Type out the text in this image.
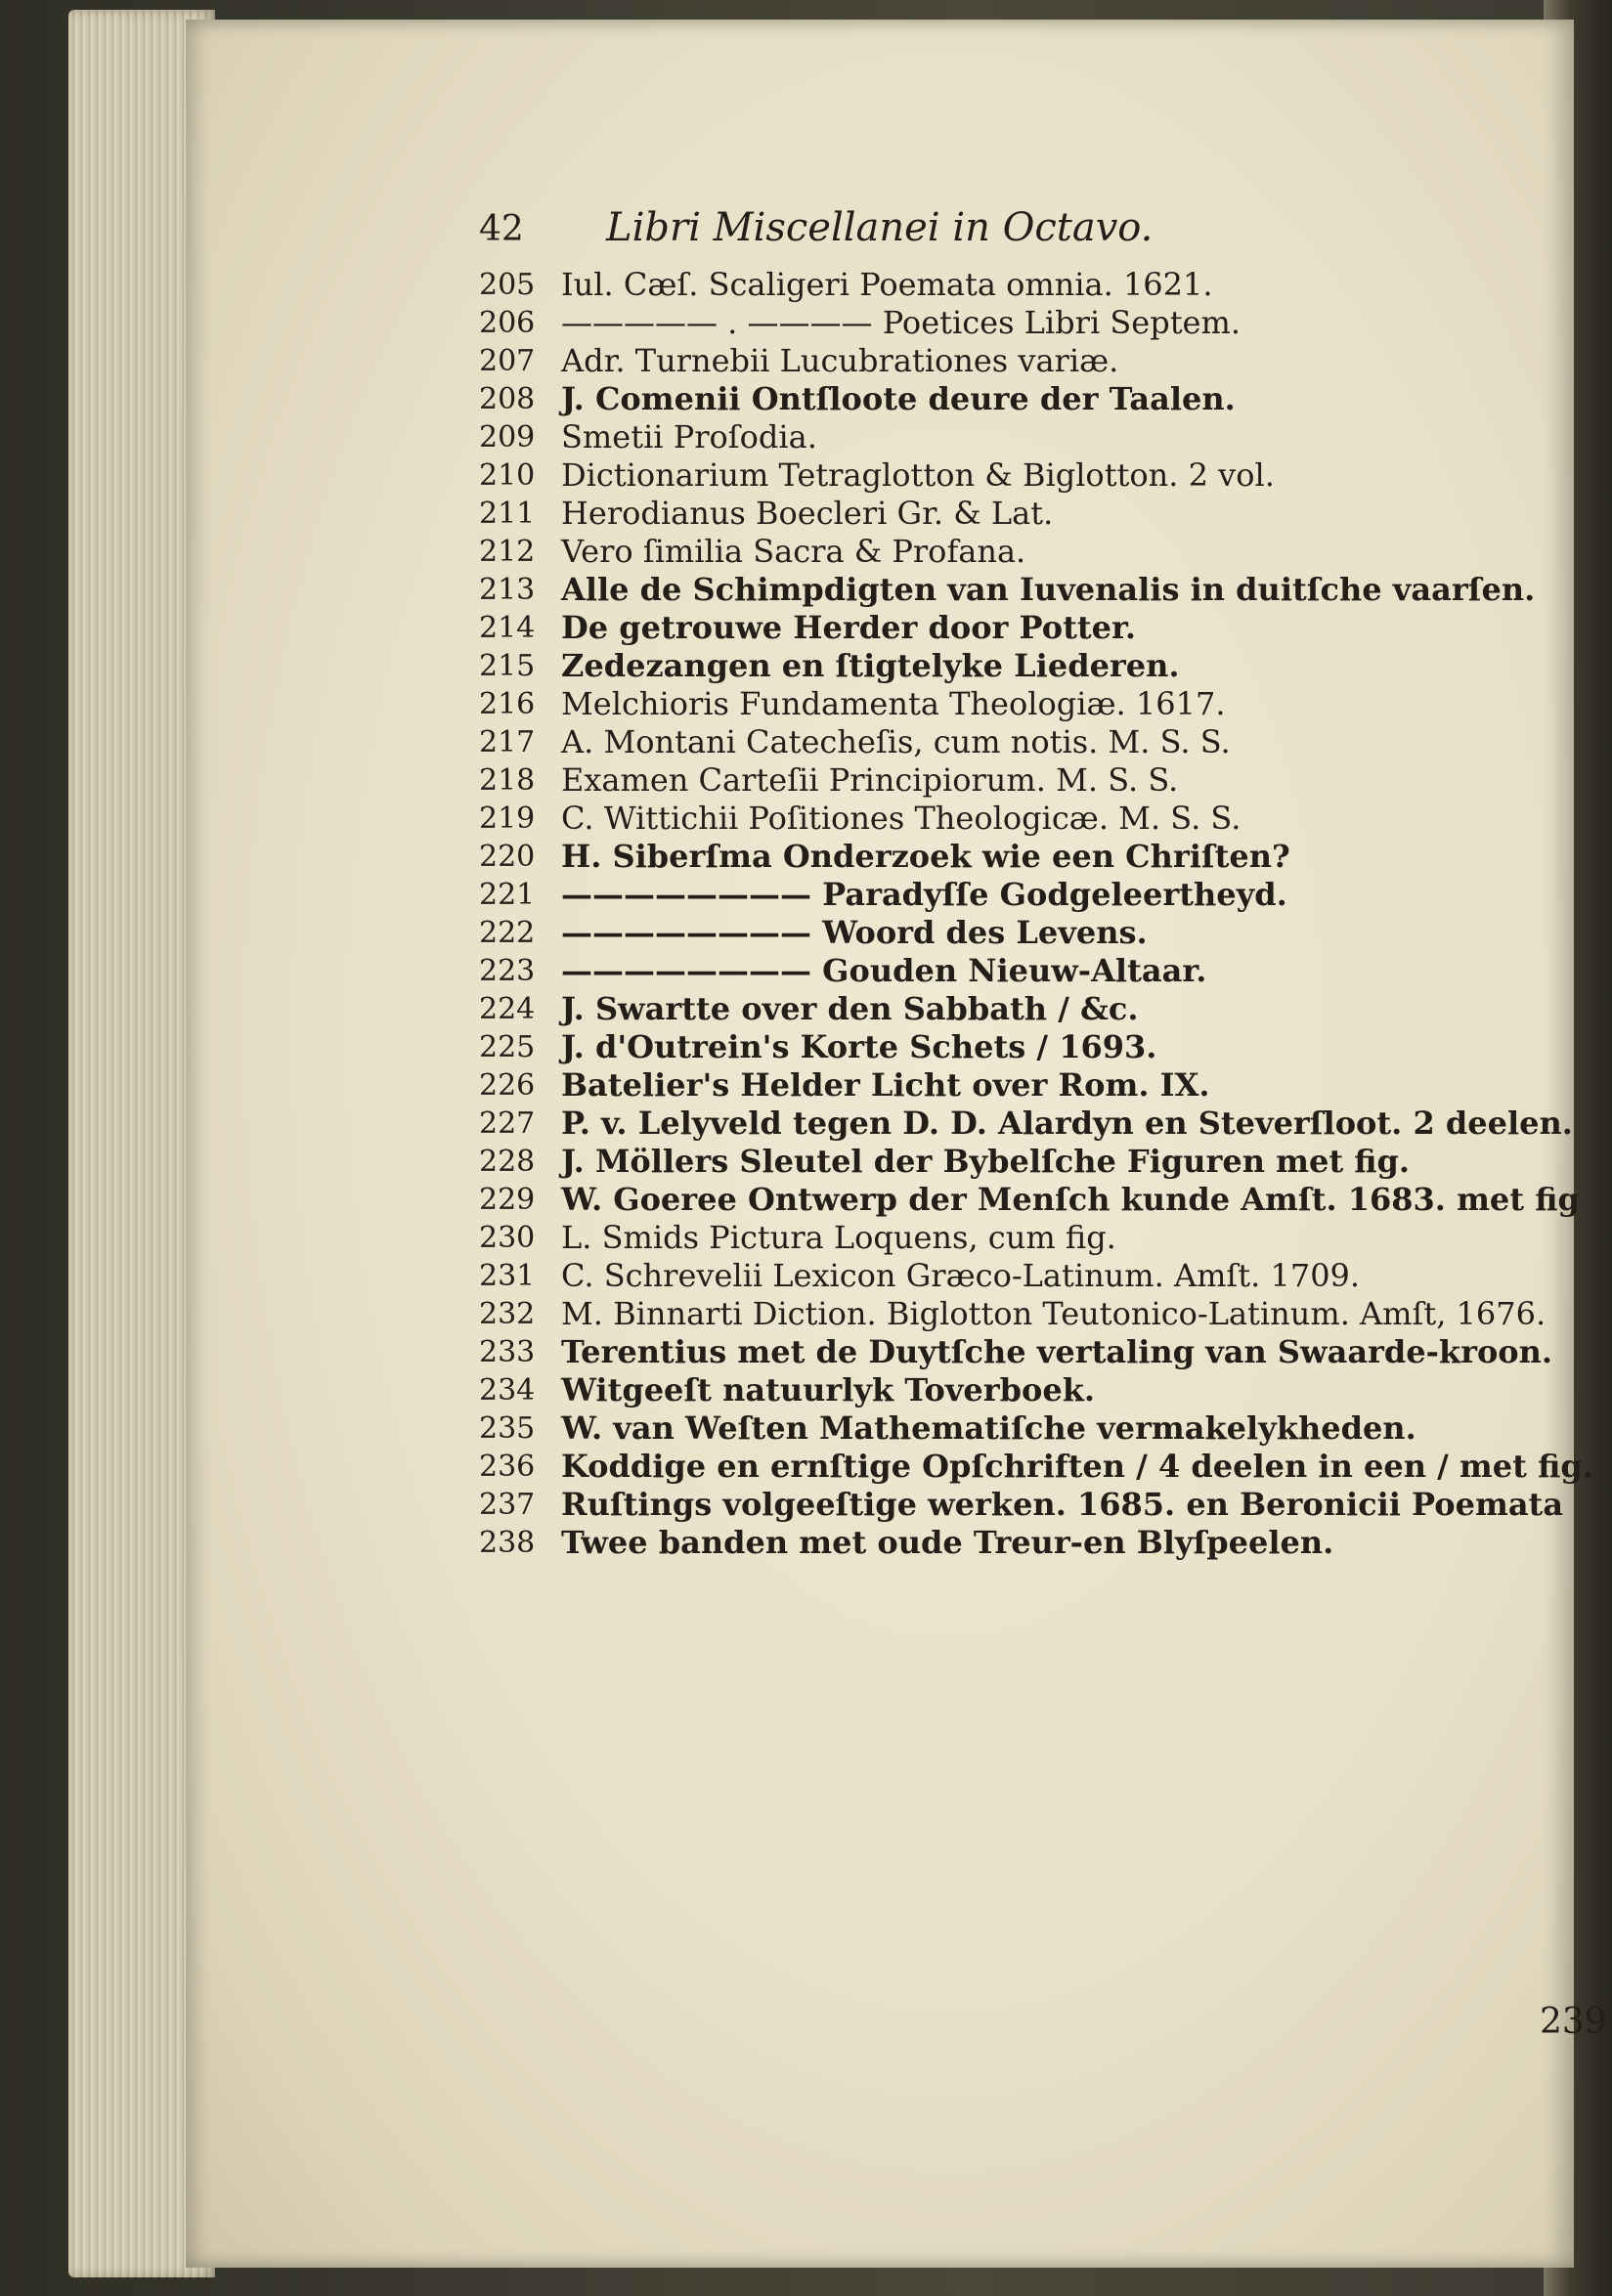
42	Libri Miscellanei in Octavo.
205 Iul. Cæſ. Scaligeri Poemata omnia. 1621.
206 ————— . ———— Poetices Libri Septem.
207 Adr. Turnebii Lucubrationes variæ.
208 J. Comenii Ontſloote deure der Taalen.
209 Smetii Proſodia.
210 Dictionarium Tetraglotton & Biglotton. 2 vol.
211 Herodianus Boecleri Gr. & Lat.
212 Vero ſimilia Sacra & Profana.
213 Alle de Schimpdigten van Iuvenalis in duitſche vaarſen.
214 De getrouwe Herder door Potter.
215 Zedezangen en ſtigtelyke Liederen.
216 Melchioris Fundamenta Theologiæ. 1617.
217 A. Montani Catecheſis, cum notis. M. S. S.
218 Examen Carteſii Principiorum. M. S. S.
219 C. Wittichii Poſitiones Theologicæ. M. S. S.
220 H. Siberſma Onderzoek wie een Chriſten?
221 ———————— Paradyſſe Godgeleertheyd.
222 ———————— Woord des Levens.
223 ———————— Gouden Nieuw-Altaar.
224 J. Swartte over den Sabbath / &c.
225 J. d'Outrein's Korte Schets / 1693.
226 Batelier's Helder Licht over Rom. IX.
227 P. v. Lelyveld tegen D. D. Alardyn en Steverſloot. 2 deelen.
228 J. Möllers Sleutel der Bybelſche Figuren met fig.
229 W. Goeree Ontwerp der Menſch kunde Amſt. 1683. met fig
230 L. Smids Pictura Loquens, cum fig.
231 C. Schrevelii Lexicon Græco-Latinum. Amſt. 1709.
232 M. Binnarti Diction. Biglotton Teutonico-Latinum. Amſt, 1676.
233 Terentius met de Duytſche vertaling van Swaarde-kroon.
234 Witgeeſt natuurlyk Toverboek.
235 W. van Weſten Mathematiſche vermakelykheden.
236 Koddige en ernſtige Opſchriften / 4 deelen in een / met fig.
237 Ruſtings volgeeſtige werken. 1685. en Beronicii Poemata
238 Twee banden met oude Treur-en Blyſpeelen.
239
